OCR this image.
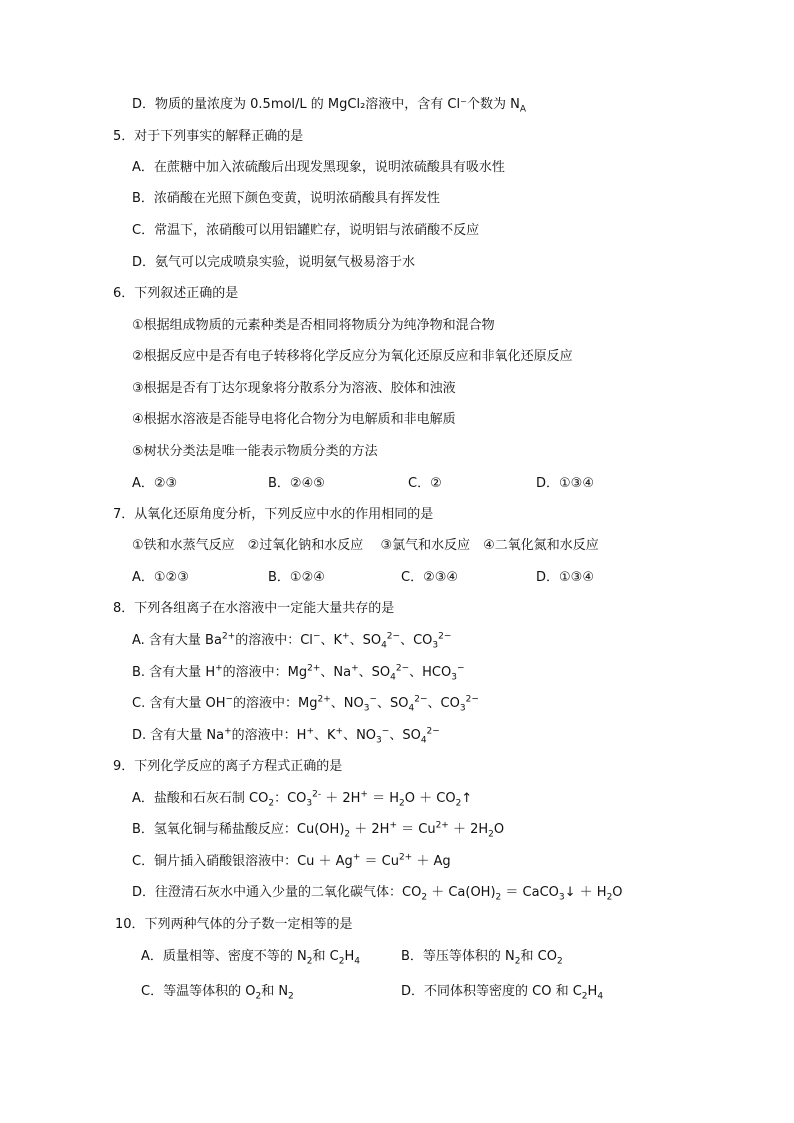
D．物质的量浓度为 0.5mol/L 的 MgCl₂溶液中，含有 Cl⁻个数为 $N_A$
5．对于下列事实的解释正确的是
A．在蔗糖中加入浓硫酸后出现发黑现象，说明浓硫酸具有吸水性
B．浓硝酸在光照下颜色变黄，说明浓硝酸具有挥发性
C．常温下，浓硝酸可以用铝罐贮存，说明铝与浓硝酸不反应
D．氨气可以完成喷泉实验，说明氨气极易溶于水
6．下列叙述正确的是
①根据组成物质的元素种类是否相同将物质分为纯净物和混合物
②根据反应中是否有电子转移将化学反应分为氧化还原反应和非氧化还原反应
③根据是否有丁达尔现象将分散系分为溶液、胶体和浊液
④根据水溶液是否能导电将化合物分为电解质和非电解质
⑤树状分类法是唯一能表示物质分类的方法
A．②③	B．②④⑤	C．②	D．①③④
7．从氧化还原角度分析，下列反应中水的作用相同的是
①铁和水蒸气反应　②过氧化钠和水反应　 ③氯气和水反应　④二氧化氮和水反应
A．①②③	B．①②④	C．②③④	D．①③④
8．下列各组离子在水溶液中一定能大量共存的是
A. 含有大量 $Ba^{2+}$的溶液中：Cl−、K+、$SO_4^{2-}$、$CO_3^{2-}$
B. 含有大量 H+的溶液中：$Mg^{2+}$、Na+、$SO_4^{2-}$、$HCO_3^-$
C. 含有大量 OH−的溶液中：$Mg^{2+}$、$NO_3^-$、$SO_4^{2-}$、$CO_3^{2-}$
D. 含有大量 Na+的溶液中：H+、K+、$NO_3^-$、$SO_4^{2-}$
9．下列化学反应的离子方程式正确的是
A．盐酸和石灰石制 $CO_2$：$CO_3^{2-} + 2H^+ = H_2O$ ＋ $CO_2↑$
B．氢氧化铜与稀盐酸反应：$Cu(OH)_2 + 2H^+ = Cu^{2+} + 2H_2O$
C．铜片插入硝酸银溶液中：$Cu + Ag^+ = Cu^{2+} + Ag$
D．往澄清石灰水中通入少量的二氧化碳气体：$CO_2 + Ca(OH)_2$ ＝ CaCO$_3$↓ ＋ $H_2O$
10．下列两种气体的分子数一定相等的是
A．质量相等、密度不等的 $N_2$和 $C_2H_4$	B．等压等体积的 $N_2$和 $CO_2$
C．等温等体积的 $O_2$和 $N_2$	D．不同体积等密度的 CO 和 $C_2H_4$
